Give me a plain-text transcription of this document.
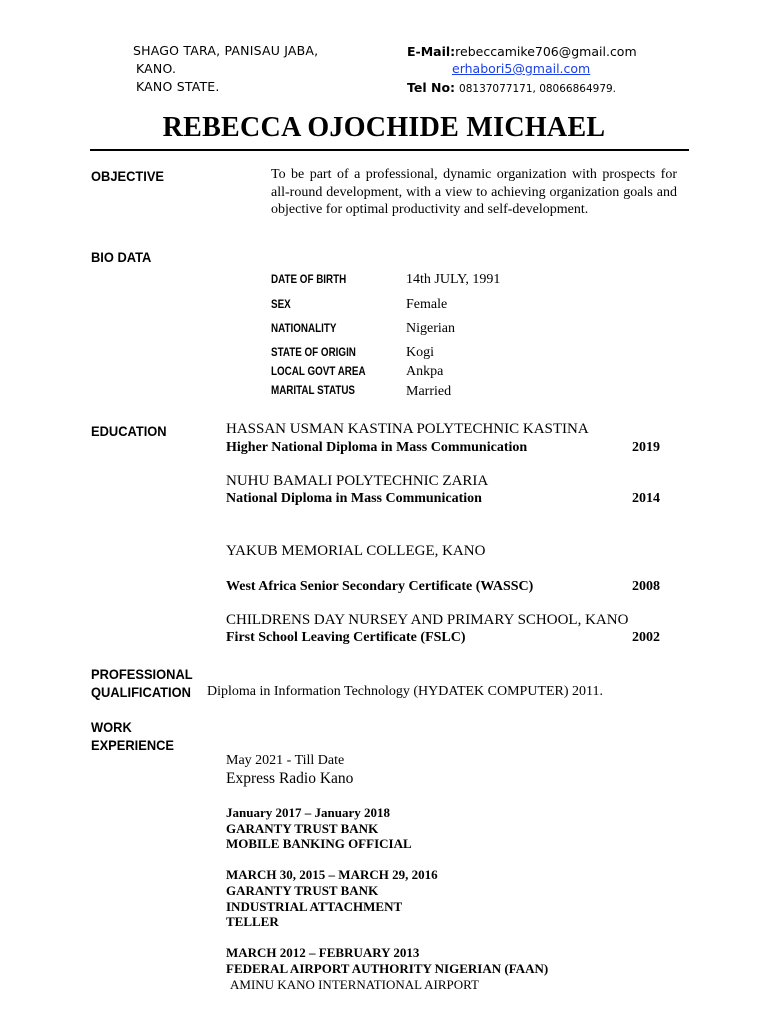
SHAGO TARA, PANISAU JABA,
KANO.
KANO STATE.
E-Mail:rebeccamike706@gmail.com
erhabori5@gmail.com
Tel No: 08137077171, 08066864979.
REBECCA OJOCHIDE MICHAEL
OBJECTIVE	To be part of a professional, dynamic organization with prospects for all-round development, with a view to achieving organization goals and objective for optimal productivity and self-development.
BIO DATA
DATE OF BIRTH	14th JULY, 1991
SEX	Female
NATIONALITY	Nigerian
STATE OF ORIGIN	Kogi
LOCAL GOVT AREA	Ankpa
MARITAL STATUS	Married
EDUCATION	HASSAN USMAN KASTINA POLYTECHNIC KASTINA
Higher National Diploma in Mass Communication	2019
NUHU BAMALI POLYTECHNIC ZARIA
National Diploma in Mass Communication	2014
YAKUB MEMORIAL COLLEGE, KANO
West Africa Senior Secondary Certificate (WASSC)	2008
CHILDRENS DAY NURSEY AND PRIMARY SCHOOL, KANO
First School Leaving Certificate (FSLC)	2002
PROFESSIONAL
QUALIFICATION Diploma in Information Technology (HYDATEK COMPUTER) 2011.
WORK
EXPERIENCE
May 2021 - Till Date
Express Radio Kano
January 2017 – January 2018
GARANTY TRUST BANK
MOBILE BANKING OFFICIAL
MARCH 30, 2015 – MARCH 29, 2016
GARANTY TRUST BANK
INDUSTRIAL ATTACHMENT
TELLER
MARCH 2012 – FEBRUARY 2013
FEDERAL AIRPORT AUTHORITY NIGERIAN (FAAN)
AMINU KANO INTERNATIONAL AIRPORT
